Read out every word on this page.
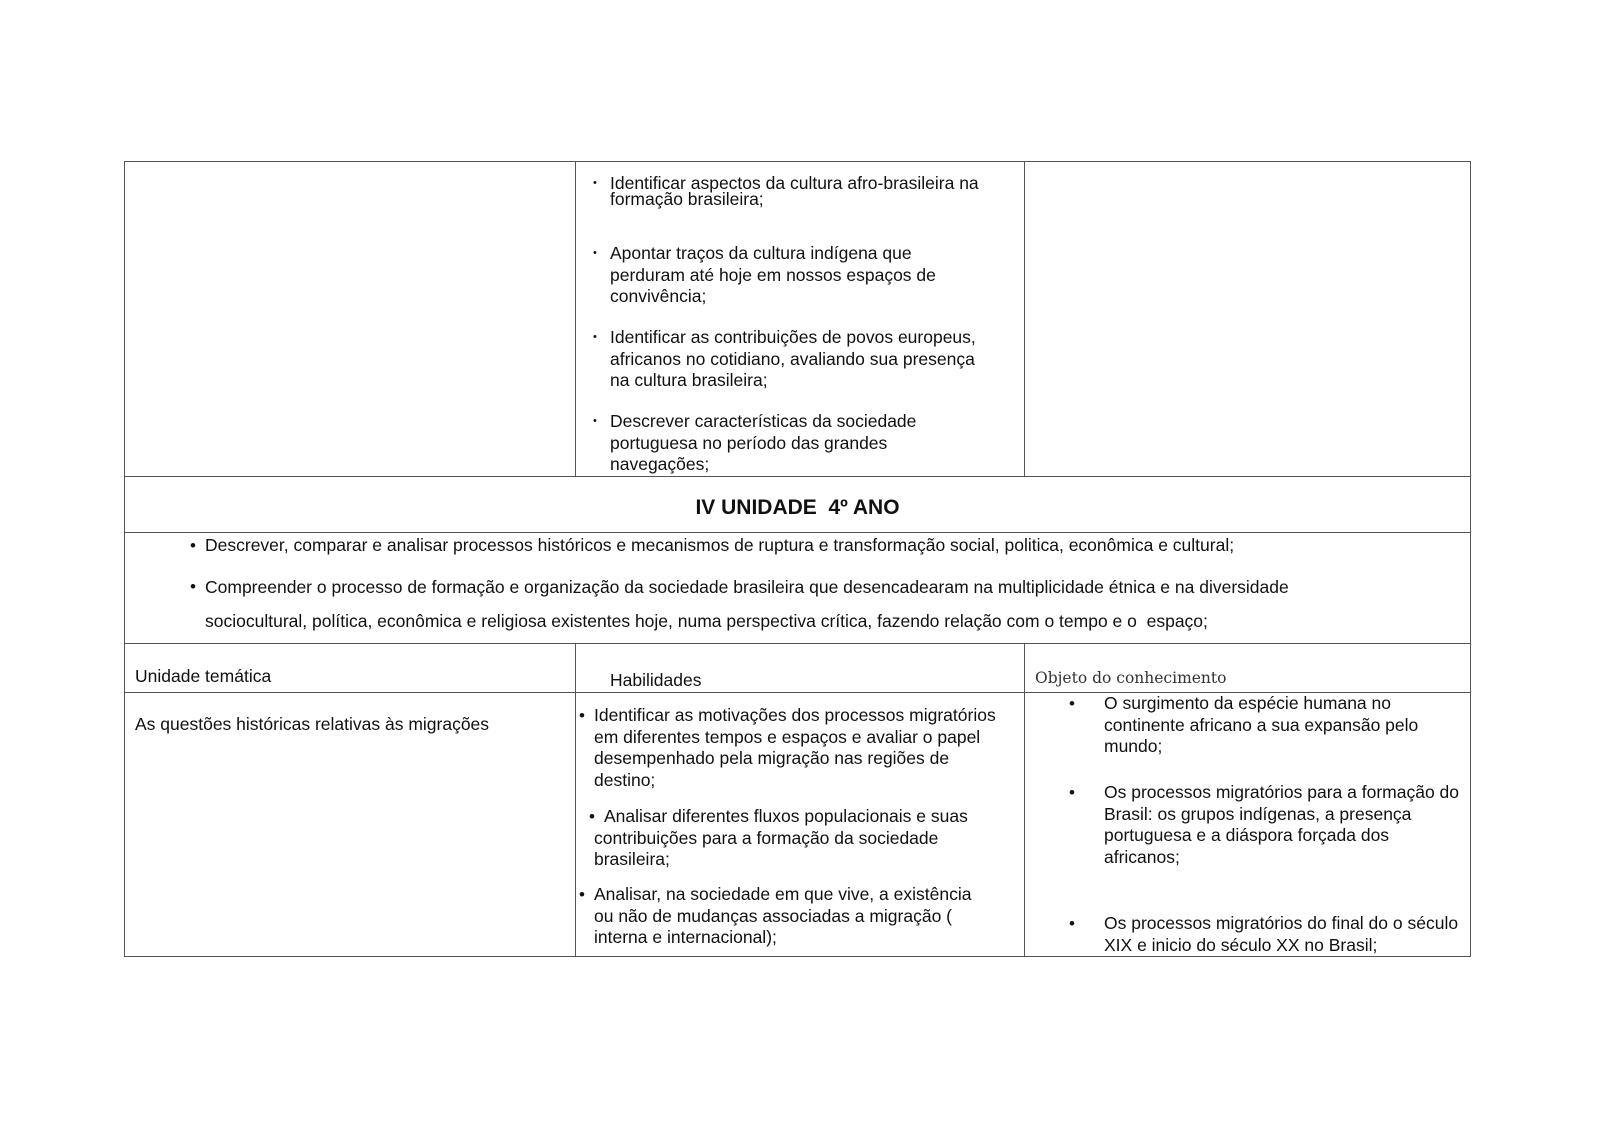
• Identificar aspectos da cultura afro-brasileira na formação brasileira;
• Apontar traços da cultura indígena que perduram até hoje em nossos espaços de convivência;
• Identificar as contribuições de povos europeus, africanos no cotidiano, avaliando sua presença na cultura brasileira;
• Descrever características da sociedade portuguesa no período das grandes navegações;
IV UNIDADE  4º ANO
• Descrever, comparar e analisar processos históricos e mecanismos de ruptura e transformação social, politica, econômica e cultural;
• Compreender o processo de formação e organização da sociedade brasileira que desencadearam na multiplicidade étnica e na diversidade sociocultural, política, econômica e religiosa existentes hoje, numa perspectiva crítica, fazendo relação com o tempo e o  espaço;
Unidade temática	Habilidades	Objeto do conhecimento
As questões históricas relativas às migrações
•	Identificar as motivações dos processos migratórios em diferentes tempos e espaços e avaliar o papel desempenhado pela migração nas regiões de destino;
• Analisar diferentes fluxos populacionais e suas contribuições para a formação da sociedade brasileira;
• Analisar, na sociedade em que vive, a existência ou não de mudanças associadas a migração ( interna e internacional);
• O surgimento da espécie humana no continente africano a sua expansão pelo mundo;
• Os processos migratórios para a formação do Brasil: os grupos indígenas, a presença portuguesa e a diáspora forçada dos africanos;
• Os processos migratórios do final do o século XIX e inicio do século XX no Brasil;
